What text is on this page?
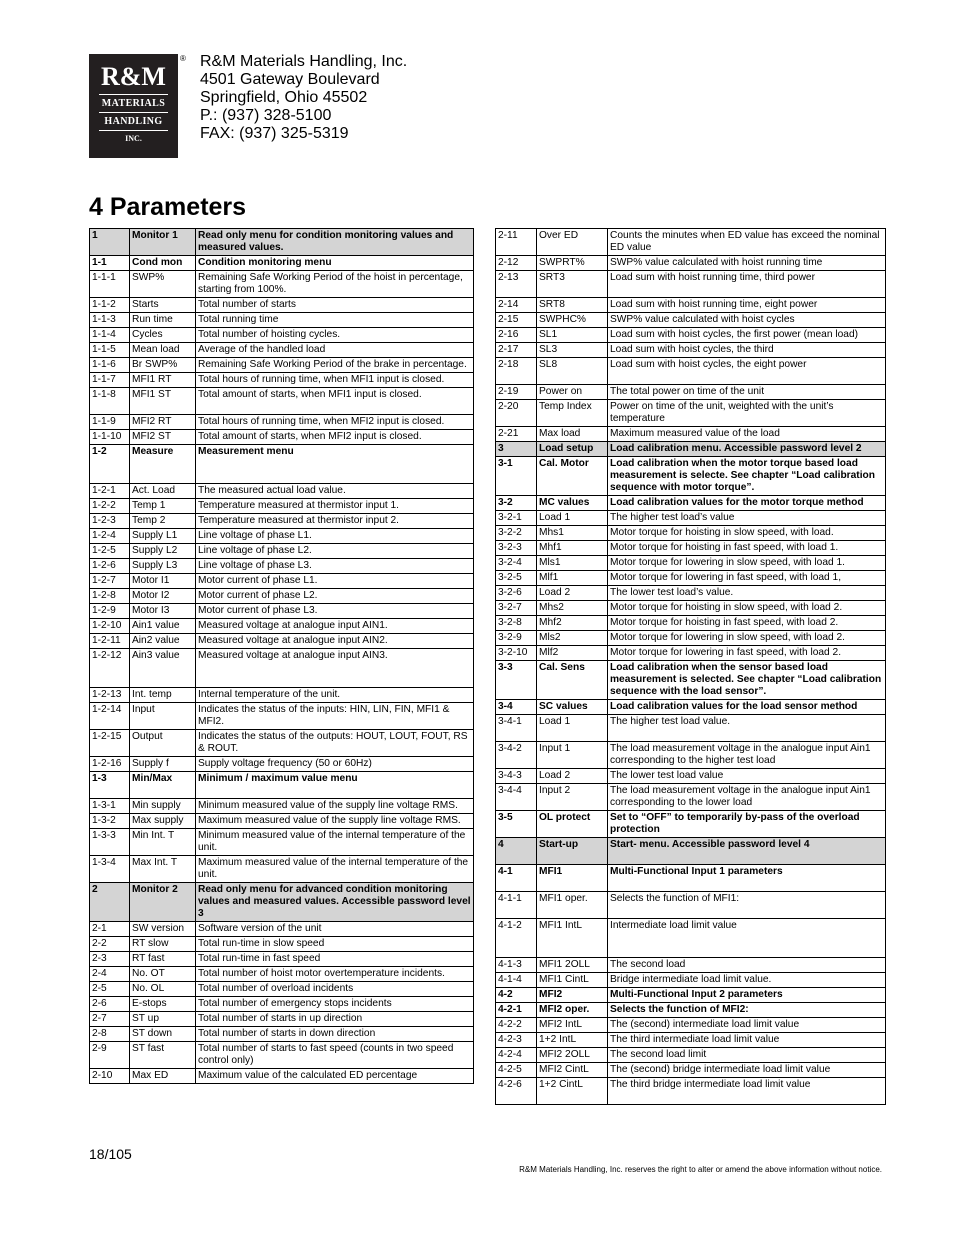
R&M
MATERIALS
HANDLING
INC.
® R&M Materials Handling, Inc.
4501 Gateway Boulevard
Springfield, Ohio 45502
P.: (937) 328-5100
FAX: (937) 325-5319
4 Parameters
1	Monitor 1	Read only menu for condition monitoring values and measured values.
1-1	Cond mon	Condition monitoring menu
1-1-1	SWP%	Remaining Safe Working Period of the hoist in percentage, starting from 100%.
1-1-2	Starts	Total number of starts
1-1-3	Run time	Total running time
1-1-4	Cycles	Total number of hoisting cycles.
1-1-5	Mean load	Average of the handled load
1-1-6	Br SWP%	Remaining Safe Working Period of the brake in percentage.
1-1-7	MFI1 RT	Total hours of running time, when MFI1 input is closed.
1-1-8	MFI1 ST	Total amount of starts, when MFI1 input is closed.
1-1-9	MFI2 RT	Total hours of running time, when MFI2 input is closed.
1-1-10	MFI2 ST	Total amount of starts, when MFI2 input is closed.
1-2	Measure	Measurement menu
1-2-1	Act. Load	The measured actual load value.
1-2-2	Temp 1	Temperature measured at thermistor input 1.
1-2-3	Temp 2	Temperature measured at thermistor input 2.
1-2-4	Supply L1	Line voltage of phase L1.
1-2-5	Supply L2	Line voltage of phase L2.
1-2-6	Supply L3	Line voltage of phase L3.
1-2-7	Motor I1	Motor current of phase L1.
1-2-8	Motor I2	Motor current of phase L2.
1-2-9	Motor I3	Motor current of phase L3.
1-2-10	Ain1 value	Measured voltage at analogue input AIN1.
1-2-11	Ain2 value	Measured voltage at analogue input AIN2.
1-2-12	Ain3 value	Measured voltage at analogue input AIN3.
1-2-13	Int. temp	Internal temperature of the unit.
1-2-14	Input	Indicates the status of the inputs: HIN, LIN, FIN, MFI1 & MFI2.
1-2-15	Output	Indicates the status of the outputs: HOUT, LOUT, FOUT, RS & ROUT.
1-2-16	Supply f	Supply voltage frequency (50 or 60Hz)
1-3	Min/Max	Minimum / maximum value menu
1-3-1	Min supply	Minimum measured value of the supply line voltage RMS.
1-3-2	Max supply	Maximum measured value of the supply line voltage RMS.
1-3-3	Min Int. T	Minimum measured value of the internal temperature of the unit.
1-3-4	Max Int. T	Maximum measured value of the internal temperature of the unit.
2	Monitor 2	Read only menu for advanced condition monitoring values and measured values. Accessible password level 3
2-1	SW version	Software version of the unit
2-2	RT slow	Total run-time in slow speed
2-3	RT fast	Total run-time in fast speed
2-4	No. OT	Total number of hoist motor overtemperature incidents.
2-5	No. OL	Total number of overload incidents
2-6	E-stops	Total number of emergency stops incidents
2-7	ST up	Total number of starts in up direction
2-8	ST down	Total number of starts in down direction
2-9	ST fast	Total number of starts to fast speed (counts in two speed control only)
2-10	Max ED	Maximum value of the calculated ED percentage
2-11	Over ED	Counts the minutes when ED value has exceed the nominal ED value
2-12	SWPRT%	SWP% value calculated with hoist running time
2-13	SRT3	Load sum with hoist running time, third power
2-14	SRT8	Load sum with hoist running time, eight power
2-15	SWPHC%	SWP% value calculated with hoist cycles
2-16	SL1	Load sum with hoist cycles, the first power (mean load)
2-17	SL3	Load sum with hoist cycles, the third
2-18	SL8	Load sum with hoist cycles, the eight power
2-19	Power on	The total power on time of the unit
2-20	Temp Index	Power on time of the unit, weighted with the unit’s temperature
2-21	Max load	Maximum measured value of the load
3	Load setup	Load calibration menu. Accessible password level 2
3-1	Cal. Motor	Load calibration when the motor torque based load measurement is selecte. See chapter “Load calibration sequence with motor torque”.
3-2	MC values	Load calibration values for the motor torque method
3-2-1	Load 1	The higher test load’s value
3-2-2	Mhs1	Motor torque for hoisting in slow speed, with load.
3-2-3	Mhf1	Motor torque for hoisting in fast speed, with load 1.
3-2-4	Mls1	Motor torque for lowering in slow speed, with load 1.
3-2-5	Mlf1	Motor torque for lowering in fast speed, with load 1,
3-2-6	Load 2	The lower test load’s value.
3-2-7	Mhs2	Motor torque for hoisting in slow speed, with load 2.
3-2-8	Mhf2	Motor torque for hoisting in fast speed, with load 2.
3-2-9	Mls2	Motor torque for lowering in slow speed, with load 2.
3-2-10	Mlf2	Motor torque for lowering in fast speed, with load 2.
3-3	Cal. Sens	Load calibration when the sensor based load measurement is selected. See chapter “Load calibration sequence with the load sensor”.
3-4	SC values	Load calibration values for the load sensor method
3-4-1	Load 1	The higher test load value.
3-4-2	Input 1	The load measurement voltage in the analogue input Ain1 corresponding to the higher test load
3-4-3	Load 2	The lower test load value
3-4-4	Input 2	The load measurement voltage in the analogue input Ain1 corresponding to the lower load
3-5	OL protect	Set to “OFF” to temporarily by-pass of the overload protection
4	Start-up	Start- menu. Accessible password level 4
4-1	MFI1	Multi-Functional Input 1 parameters
4-1-1	MFI1 oper.	Selects the function of MFI1:
4-1-2	MFI1 IntL	Intermediate load limit value
4-1-3	MFI1 2OLL	The second load
4-1-4	MFI1 CintL	Bridge intermediate load limit value.
4-2	MFI2	Multi-Functional Input 2 parameters
4-2-1	MFI2 oper.	Selects the function of MFI2:
4-2-2	MFI2 IntL	The (second) intermediate load limit value
4-2-3	1+2 IntL	The third intermediate load limit value
4-2-4	MFI2 2OLL	The second load limit
4-2-5	MFI2 CintL	The (second) bridge intermediate load limit value
4-2-6	1+2 CintL	The third bridge intermediate load limit value
18/105
R&M Materials Handling, Inc. reserves the right to alter or amend the above information without notice.
